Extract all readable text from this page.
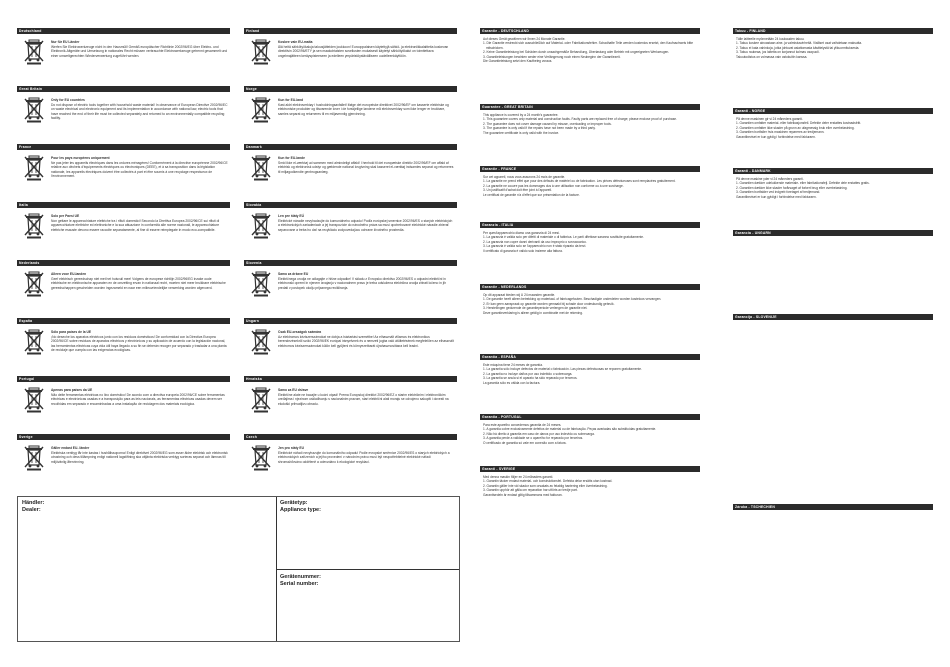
Deutschland
Nur für EU Länder
Werfen Sie Elektrowerkzeuge nicht in den Hausmüll! Gemäß europäischer Richtlinie 2002/96/EG über Elektro- und Elektronik-Altgeräte und Umsetzung in nationales Recht müssen verbrauchte Elektrowerkzeuge getrennt gesammelt und einer umweltgerechten Wiederverwertung zugeführt werden.
Great Britain
Only for EU countries
Do not dispose of electric tools together with household waste material! In observance of European Directive 2002/96/EC on waste electrical and electronic equipment and its implementation in accordance with national law, electric tools that have reached the end of their life must be collected separately and returned to an environmentally compatible recycling facility.
France
Pour les pays européens uniquement
Ne pas jeter les appareils électriques dans les ordures ménagères! Conformément à la directive européenne 2002/96/CE relative aux déchets d'équipements électriques ou électroniques (DEEE), et à sa transposition dans la législation nationale, les appareils électriques doivent être collectés à part et être soumis à une recyclage respectueux de l'environnement.
Italia
Solo per Paesi UE
Non gettare le apparecchiature elettriche tra i rifiuti domestici! Secondo la Direttiva Europea 2002/96/CE sui rifiuti di apparecchiature elettriche ed elettroniche e la sua attuazione in conformità alle norme nazionali, le apparecchiature elettriche esauste devono essere raccolte separatamente, al fine di essere reimpiegate in modo eco-compatibile.
Nederlands
Alleen voor EU-landen
Geef elektrisch gereedschap niet met het huisvuil mee! Volgens de europese richtlijn 2002/96/EG inzake oude elektrische en elektronische apparaten en de omzetting ervan in nationaal recht, moeten niet meer bruikbare elektrische gereedschappen gescheiden worden ingezameld en naar een milieuvriendelijke verwerking worden afgevoerd.
España
Sólo para países de la UE
¡No deseche los aparatos eléctricos junto con los residuos domésticos! De conformidad con la Directiva Europea 2002/96/CE sobre residuos de aparatos eléctricos y electrónicos y su aplicación de acuerdo con la legislación nacional, las herramientas eléctricas cuya vida útil haya llegado a su fin se deberán recoger por separado y trasladar a una planta de reciclaje que cumpla con las exigencias ecológicas.
Portugal
Apenas para países da UE
Não deite ferramentas eléctricas no lixo doméstico! De acordo com a directiva europeia 2002/96/CE sobre ferramentas eléctricas e electrónicas usadas e a transposição para as leis nacionais, as ferramentas eléctricas usadas devem ser recolhidas em separado e encaminhadas a uma instalação de reciclagem dos materiais ecológica.
Sverige
Gäller endast EU- länder
Elektriska verktyg får inte kastas i hushållssoporna! Enligt direktivet 2002/96/EG som avser äldre elektrisk och elektronisk utrustning och dess tillämpning enligt nationell lagstiftning ska uttjänta elektriska verktyg sorteras separat och lämnas till miljövänlig återvinning.
Finland
Koskee vain EU-maita
Älä heitä sähkötyökaluja talousjätteiden joukkoon! Eurooppalaisen käytettyjä sähkö- ja elektroniikkalaitteita koskevan direktiivin 2002/96/ETY ja sen maakohtaisten sovellusten mukaisesti käytetyt sähkötyökalut on toimitettava ongelmajätteen keräyspisteeseen ja edelleen ympäristöystävälliseen uudelleenkäyttöön.
Norge
Kun for EU-land
Kast aldri elektroverktøy i husholdningsavfallet! Ifølge det europeiske direktivet 2002/96/EF om kasserte elektriske og elektroniske produkter og tilsvarende lover i de forskjellige landene må elektroverktøy som ikke lenger er brukbare, samles separat og returneres til en miljøvennlig gjenvinning.
Danmark
Kun for EU-lande
Smid ikke el-værktøj ud sammen med almindeligt affald! I henhold til det europæiske direktiv 2002/96/EF om affald af elektrisk og elektronisk udstyr og gældende national lovgivning skal kasseret el-værktøj indsamles separat og returneres til miljøgodkendte genbrugsanlæg.
Slovakia
Len pre štáty EÚ
Elektrické náradie nevyhadzujte do komunálneho odpadu! Podľa európskej smernice 2002/96/ES o starých elektrických a elektronických zariadeniach a jej transpozície do národného práva sa musí opotrebované elektrické náradie zbierať separovane a treba ho dať na recykláciu zodpovedajúcu ochrane životného prostredia.
Slovenia
Samo za države EU
Električnega orodja ne odlagajte v hišne odpadke! V skladu z Evropsko direktivo 2002/96/ES o odpadni električni in elektronski opremi in njenem izvajanju v nacionalnem pravu je treba odslužena električna orodja zbirati ločeno in jih predati v postopek okolju prijaznega recikliranja.
Ungarn
Csak EU-országok számára
Az elektromos kéziszerszámokat ne dobja a háztartási szemétbe! Az elhasznált villamos és elektronikus berendezésekről szóló 2002/96/EK európai irányelvnek és a nemzeti jogba való átültetésének megfelelően az elhasznált elektromos kéziszerszámokat külön kell gyűjteni és környezetbarát újrahasznosításra kell leadni.
Hrvatska
Samo za EU države
Električne alate ne bacajte u kućni otpad! Prema Europskoj direktivi 2002/96/EZ o starim električnim i elektroničkim uređajima i njezinom usklađivanju s nacionalnim pravom, stari električni alati moraju se odvojeno sakupiti i dovesti na ekološki prihvatljivu obradu.
Czech
Jen pro státy EU
Elektrické nářadí nevyhazujte do komunálního odpadu! Podle evropské směrnice 2002/96/ES o starých elektrických a elektronických zařízeních a jejího provedení v národním právu musí být neupotřebitelné elektrické nářadí shromažďováno odděleně a odevzdáno k ekologické recyklaci.
Garantie - DEUTSCHLAND
Auf dieses Gerät gewähren wir Ihnen 24 Monate Garantie.
1. Die Garantie erstreckt sich ausschließlich auf Material- oder Fabrikationsfehler. Schadhafte Teile werden kostenlos ersetzt, den Kaufnachweis bitte mitschicken.
2. Keine Garantieleistung bei Schäden durch unsachgemäße Behandlung, Überlastung oder Betrieb mit ungeeigneten Werkzeugen.
3. Garantieleistungen bewirken weder eine Verlängerung noch einen Neubeginn der Garantiezeit.
Die Garantieleistung setzt den Kaufbeleg voraus.
Guarantee - GREAT BRITAIN
This appliance is covered by a 24 month's guarantee.
1. This guarantee covers only material and construction faults. Faulty parts are replaced free of charge; please enclose proof of purchase.
2. The guarantee does not cover damage caused by misuse, overloading or improper tools.
3. The guarantee is only valid if the repairs have not been made by a third party.
The guarantee certificate is only valid with the invoice.
Garantie - FRANCE
Sur cet appareil, nous vous assurons 24 mois de garantie.
1. La garantie ne prend effet que pour des défauts de matériel ou de fabrication. Les pièces défectueuses sont remplacées gratuitement.
2. La garantie ne couvre pas les dommages dus à une utilisation non conforme ou à une surcharge.
3. Un justificatif d'achat doit être joint à l'appareil.
Le certificat de garantie n'a d'effet que sur présentation de la facture.
Garanzia - ITALIA
Per quest'apparecchio diamo una garanzia di 24 mesi.
1. La garanzia è valida solo per difetti di materiale o di fabbrica. Le parti difettose saranno sostituite gratuitamente.
2. La garanzia non copre danni derivanti da uso improprio o sovraccarico.
3. La garanzia è valida solo se l'apparecchio non è stato riparato da terzi.
Il certificato di garanzia è valido solo insieme alla fattura.
Garantie - NEDERLANDS
Op dit apparaat bieden wij U 24 maanden garantie.
1. De garantie heeft alleen betrekking op materiaal- of fabricagefouten. Beschadigde onderdelen worden kosteloos vervangen.
2. Er kan geen aanspraak op garantie worden gemaakt bij schade door ondeskundig gebruik.
3. Herstellingen gedurende de garantieperiode verlengen de garantie niet.
Deze garantieverklaring is alleen geldig in combinatie met de rekening.
Garantía - ESPAÑA
Este máquina tiene 24 meses de garantía.
1. La garantía sólo incluye defectos de material o fabricación. Las piezas defectuosas se reponen gratuitamente.
2. La garantía no incluye daños por uso indebido o sobrecarga.
3. La garantía se anula si el aparato ha sido reparado por terceros.
La garantía sólo es válida con la factura.
Garantia - PORTUGAL
Para este aparelho concedemos garantia de 24 meses.
1. A garantia cobre exclusivamente defeitos de material ou de fabricação. Peças avariadas são substituídas gratuitamente.
2. Não há direito à garantia em caso de danos por uso indevido ou sobrecarga.
3. A garantia perde a validade se o aparelho for reparado por terceiros.
O certificado de garantia só vale em conexão com a fatura.
Garanti - SVERIGE
Med denna maskin följer en 24 månaders garanti.
1. Garantin täcker endast material- och konstruktionsfel. Defekta delar ersätts utan kostnad.
2. Garantin gäller inte vid skador som orsakats av felaktig hantering eller överbelastning.
3. Garantin upphör att gälla om reparation har utförts av tredje part.
Garantisedeln är endast giltig tillsammans med fakturan.
Takuu - FINLAND
Tälle laitteelle myönnetään 24 kuukauden takuu.
1. Takuu koskee ainoastaan aine- ja valmistusvirheitä. Vialliset osat vaihdetaan maksutta.
2. Takuu ei kata vahinkoja, jotka johtuvat asiattomasta käsittelystä tai ylikuormituksesta.
3. Takuu raukeaa, jos laitetta on korjannut kolmas osapuoli.
Takuutodistus on voimassa vain ostokuitin kanssa.
Garanti - NORGE
På denne maskinen gir vi 24 måneders garanti.
1. Garantien omfatter material- eller fabrikasjonsfeil. Defekte deler erstattes kostnadsfritt.
2. Garantien omfatter ikke skader på grunn av ufagmessig bruk eller overbelastning.
3. Garantien bortfaller hvis maskinen repareres av tredjemann.
Garantibeviset er kun gyldig i forbindelse med fakturaen.
Garanti - DANMARK
På denne maskine yder vi 24 måneders garanti.
1. Garantien dækker udelukkende materiale- eller fabrikationsfejl. Defekte dele erstattes gratis.
2. Garantien dækker ikke skader forårsaget af forkert brug eller overbelastning.
3. Garantien bortfalder ved indgreb foretaget af tredjemand.
Garantibeviset er kun gyldigt i forbindelse med fakturaen.
Garancia - UNGARN
Garancija - SLOVENIJE
Záruka - TSCHECHIEN
Händler:
Dealer:
Gerätetyp:
Appliance type:
Gerätenummer:
Serial number:
